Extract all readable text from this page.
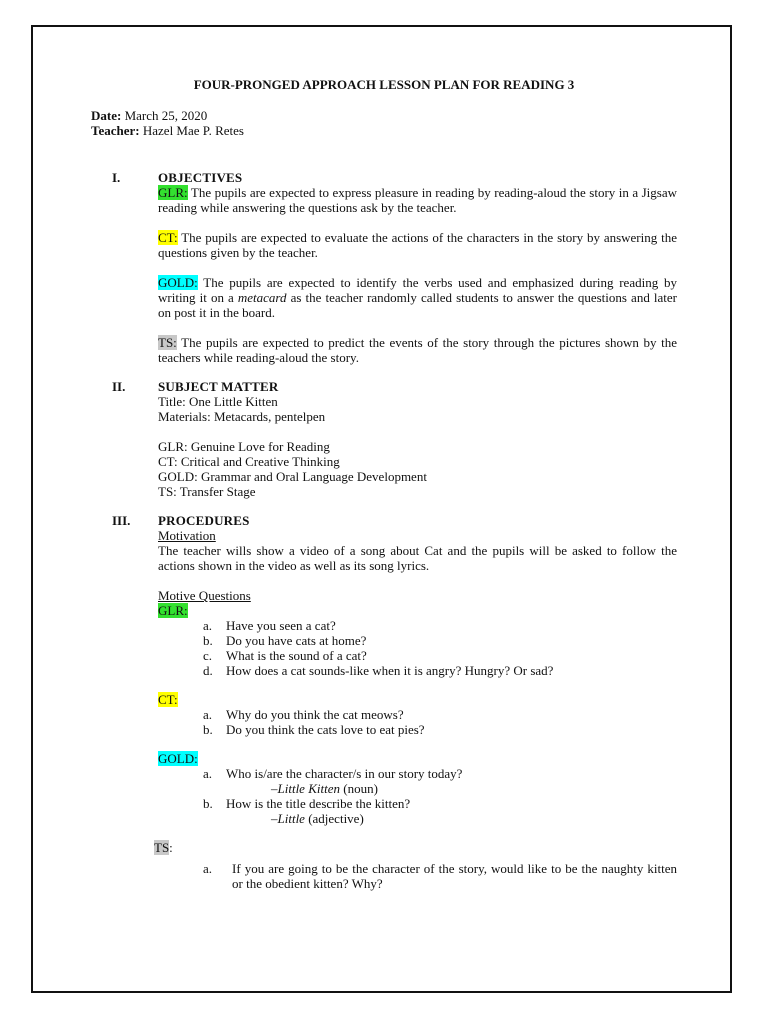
FOUR-PRONGED APPROACH LESSON PLAN FOR READING 3

Date: March 25, 2020

Teacher: Hazel Mae P. Retes

I.	OBJECTIVES

GLR: The pupils are expected to express pleasure in reading by reading-aloud the story in a Jigsaw reading while answering the questions ask by the teacher.

CT: The pupils are expected to evaluate the actions of the characters in the story by answering the questions given by the teacher.

GOLD: The pupils are expected to identify the verbs used and emphasized during reading by writing it on a metacard as the teacher randomly called students to answer the questions and later on post it in the board.

TS: The pupils are expected to predict the events of the story through the pictures shown by the teachers while reading-aloud the story.

II.	SUBJECT MATTER
Title: One Little Kitten
Materials: Metacards, pentelpen
GLR: Genuine Love for Reading
CT: Critical and Creative Thinking
GOLD: Grammar and Oral Language Development
TS: Transfer Stage
III. PROCEDURES
Motivation

The teacher wills show a video of a song about Cat and the pupils will be asked to follow the actions shown in the video as well as its song lyrics.

Motive Questions
GLR:
a. Have you seen a cat?
b. Do you have cats at home?
c. What is the sound of a cat?
d. How does a cat sounds-like when it is angry? Hungry? Or sad?
CT:
a. Why do you think the cat meows?
b. Do you think the cats love to eat pies?
GOLD:
a. Who is/are the character/s in our story today?
–Little Kitten (noun)
b. How is the title describe the kitten?
–Little (adjective)
TS:
a. If you are going to be the character of the story, would like to be the naughty kitten or the obedient kitten? Why?
